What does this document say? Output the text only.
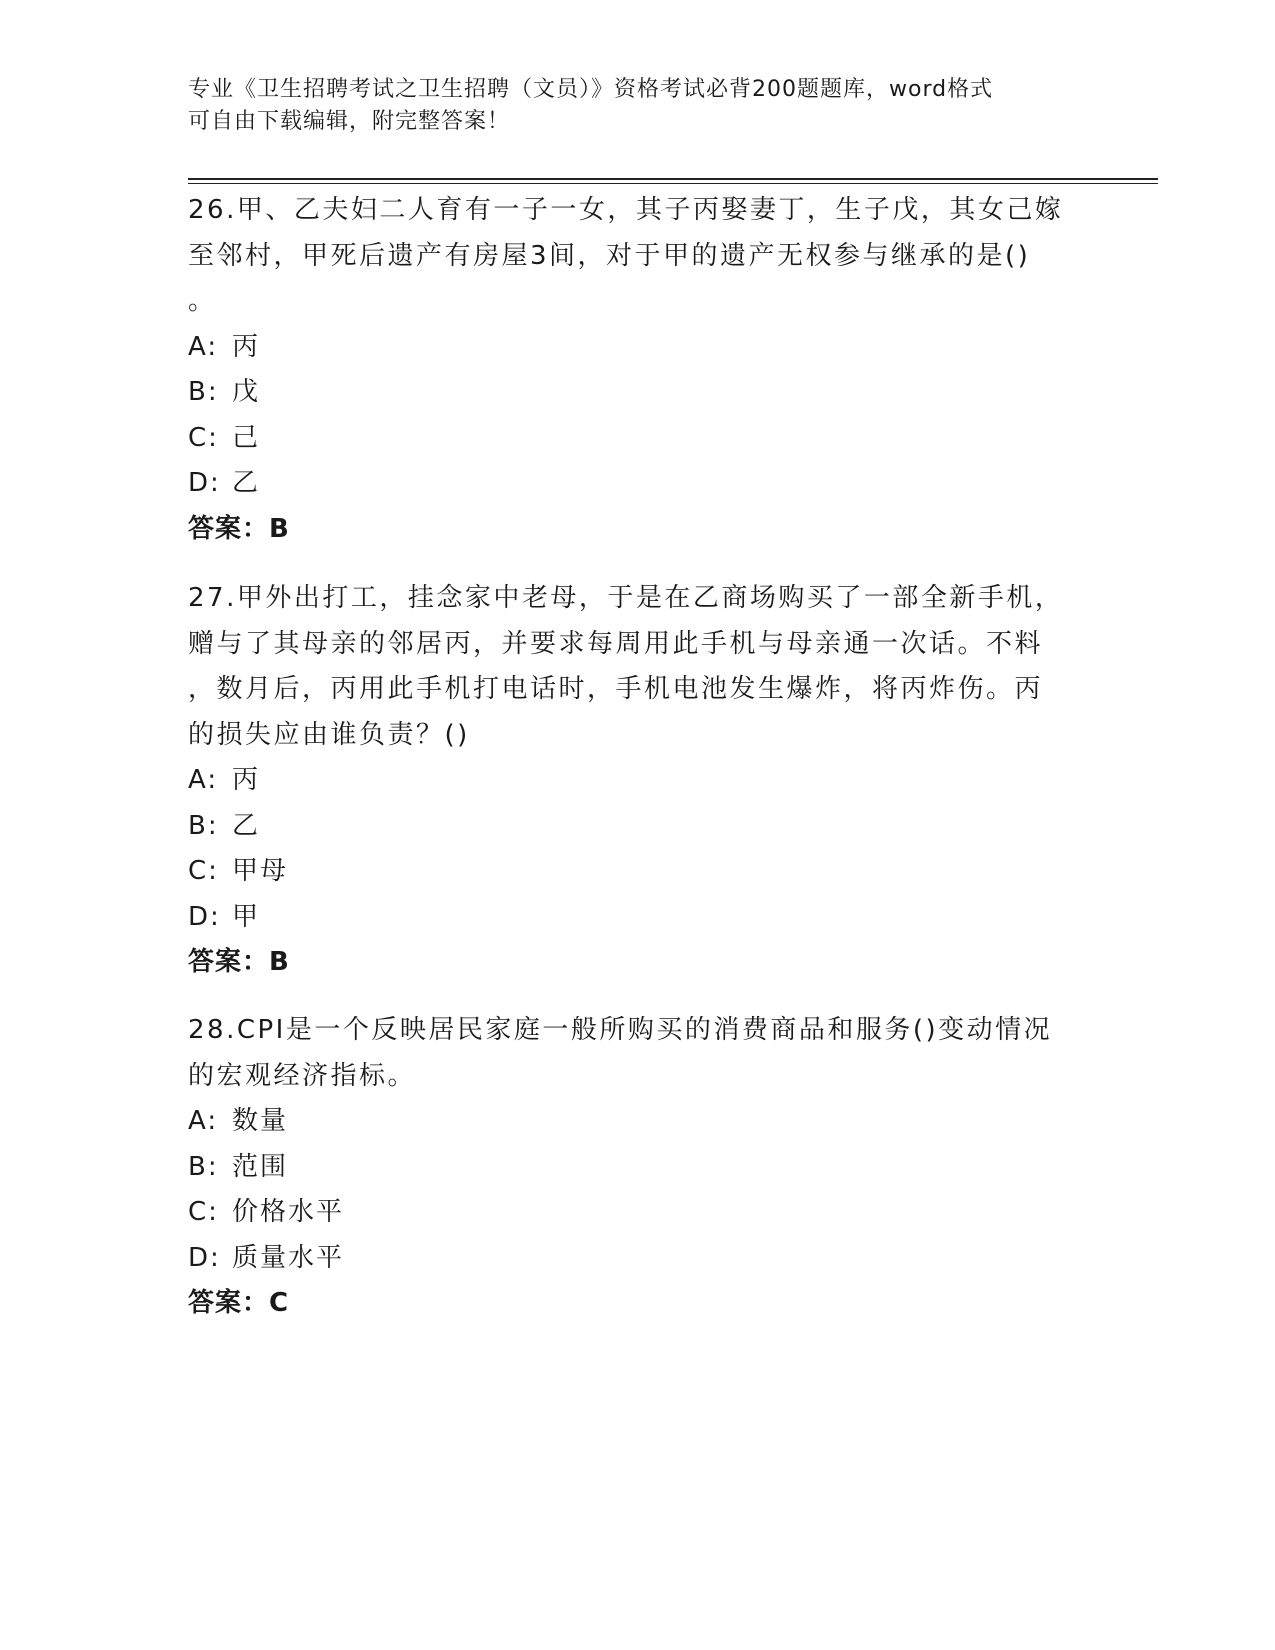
专业《卫生招聘考试之卫生招聘（文员）》资格考试必背200题题库，word格式
可自由下载编辑，附完整答案！

26.甲、乙夫妇二人育有一子一女，其子丙娶妻丁，生子戊，其女己嫁
至邻村，甲死后遗产有房屋3间，对于甲的遗产无权参与继承的是()
。

A: 丙
B: 戊
C: 己
D: 乙

答案：B

27.甲外出打工，挂念家中老母，于是在乙商场购买了一部全新手机，
赠与了其母亲的邻居丙，并要求每周用此手机与母亲通一次话。不料
，数月后，丙用此手机打电话时，手机电池发生爆炸，将丙炸伤。丙
的损失应由谁负责？()

A: 丙
B: 乙
C: 甲母
D: 甲

答案：B

28.CPI是一个反映居民家庭一般所购买的消费商品和服务()变动情况
的宏观经济指标。

A: 数量
B: 范围
C: 价格水平
D: 质量水平

答案：C
